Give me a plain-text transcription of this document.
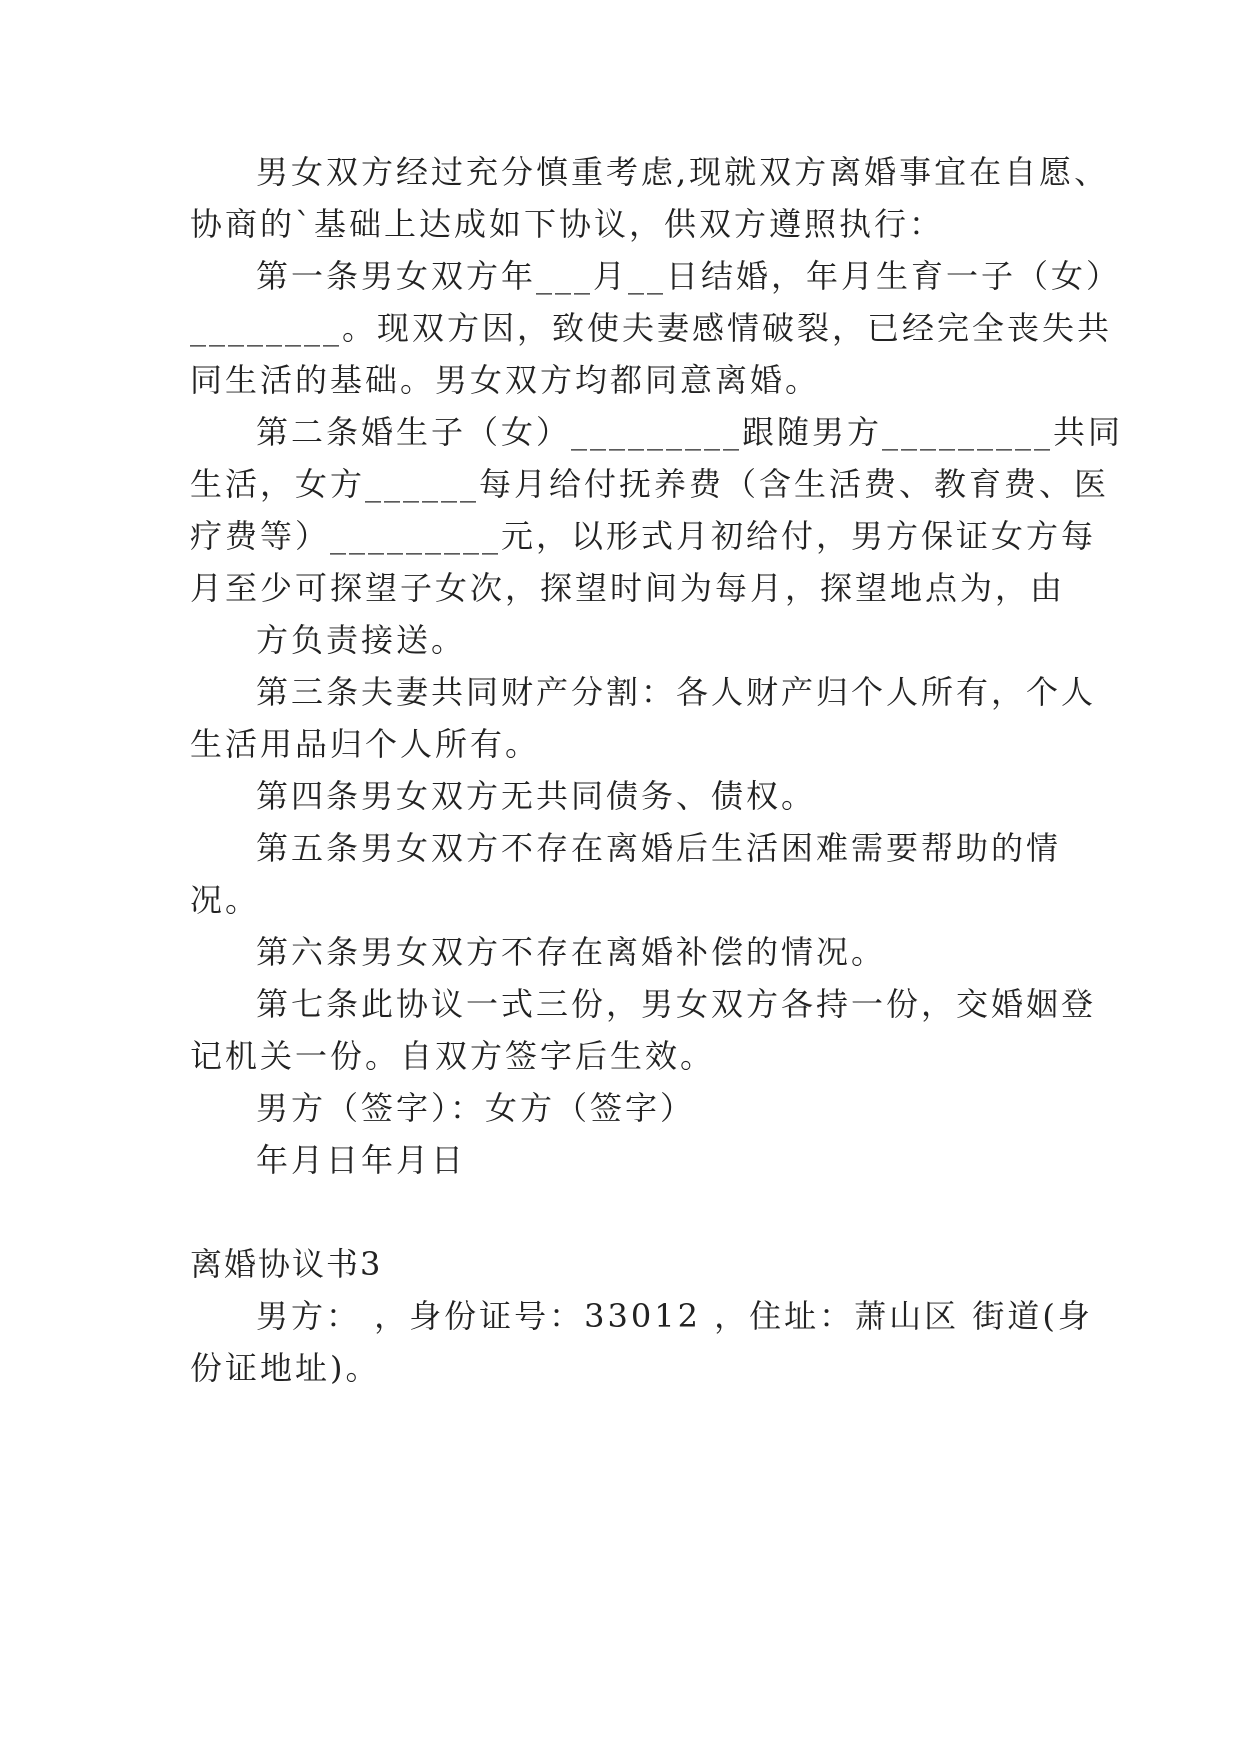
男女双方经过充分慎重考虑,现就双方离婚事宜在自愿、

协商的`基础上达成如下协议，供双方遵照执行：

第一条男女双方年___月__日结婚，年月生育一子（女）

________。现双方因，致使夫妻感情破裂，已经完全丧失共

同生活的基础。男女双方均都同意离婚。

第二条婚生子（女）_________跟随男方_________共同

生活，女方______每月给付抚养费（含生活费、教育费、医

疗费等）_________元，以形式月初给付，男方保证女方每

月至少可探望子女次，探望时间为每月，探望地点为，由

方负责接送。

第三条夫妻共同财产分割：各人财产归个人所有，个人

生活用品归个人所有。

第四条男女双方无共同债务、债权。

第五条男女双方不存在离婚后生活困难需要帮助的情

况。

第六条男女双方不存在离婚补偿的情况。

第七条此协议一式三份，男女双方各持一份，交婚姻登

记机关一份。自双方签字后生效。

男方（签字）：女方（签字）

年月日年月日

离婚协议书3

男方： ，身份证号：33012 ，住址：萧山区 街道(身

份证地址)。
